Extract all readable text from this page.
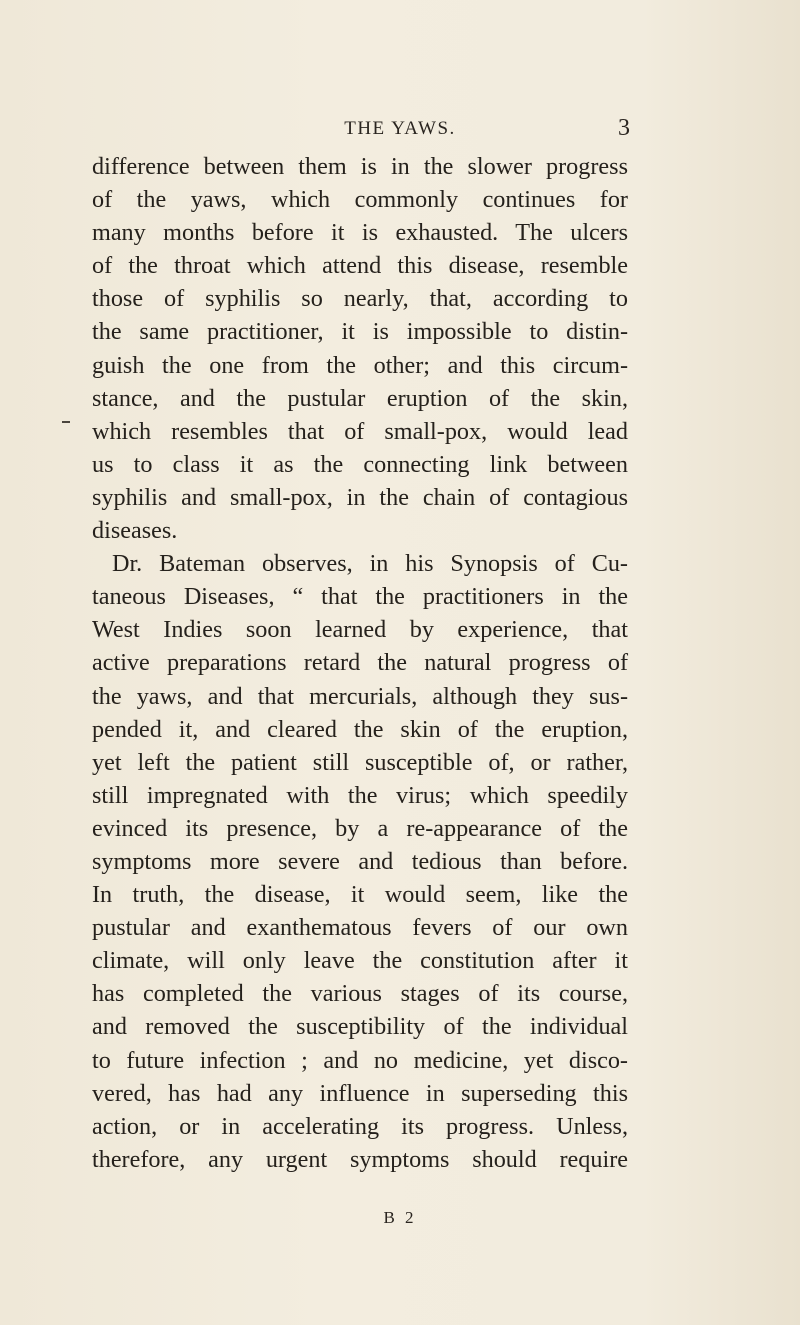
THE YAWS.	3
difference between them is in the slower progress
of the yaws, which commonly continues for
many months before it is exhausted. The ulcers
of the throat which attend this disease, resemble
those of syphilis so nearly, that, according to
the same practitioner, it is impossible to distin-
guish the one from the other; and this circum-
stance, and the pustular eruption of the skin,
which resembles that of small-pox, would lead
us to class it as the connecting link between
syphilis and small-pox, in the chain of contagious
diseases.
Dr. Bateman observes, in his Synopsis of Cu-
taneous Diseases, “ that the practitioners in the
West Indies soon learned by experience, that
active preparations retard the natural progress of
the yaws, and that mercurials, although they sus-
pended it, and cleared the skin of the eruption,
yet left the patient still susceptible of, or rather,
still impregnated with the virus; which speedily
evinced its presence, by a re-appearance of the
symptoms more severe and tedious than before.
In truth, the disease, it would seem, like the
pustular and exanthematous fevers of our own
climate, will only leave the constitution after it
has completed the various stages of its course,
and removed the susceptibility of the individual
to future infection ; and no medicine, yet disco-
vered, has had any influence in superseding this
action, or in accelerating its progress. Unless,
therefore, any urgent symptoms should require
B 2
